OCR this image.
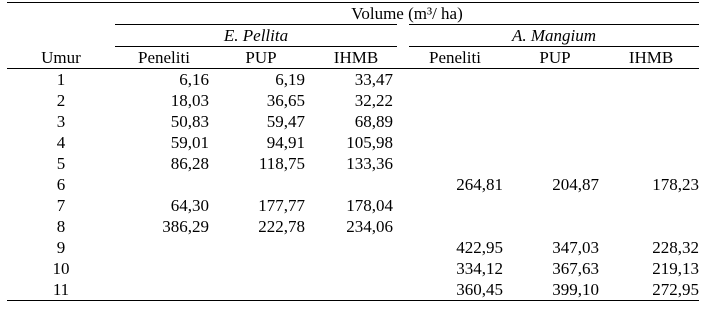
	Volume (m³/ ha)					
	E. Pellita			A. Mangium		
Umur	Peneliti	PUP	IHMB	Peneliti	PUP	IHMB
1	6,16	6,19	33,47			
2	18,03	36,65	32,22			
3	50,83	59,47	68,89			
4	59,01	94,91	105,98			
5	86,28	118,75	133,36			
6				264,81	204,87	178,23
7	64,30	177,77	178,04			
8	386,29	222,78	234,06			
9				422,95	347,03	228,32
10				334,12	367,63	219,13
11				360,45	399,10	272,95
